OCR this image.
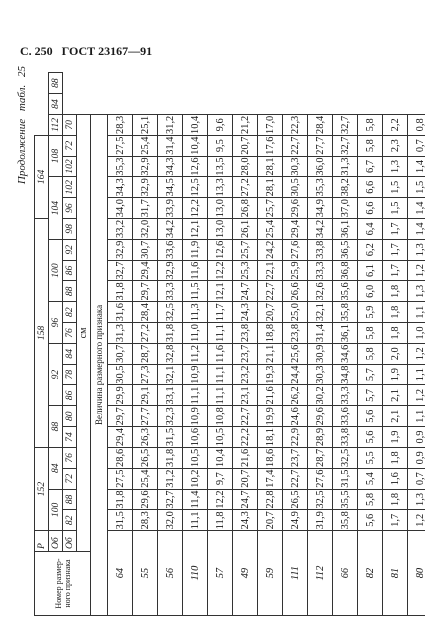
С. 250 ГОСТ 23167—91
Продолжение табл. 25
Номер размер-ного признака																							
	Р	152				158											164						
	Об	100		84		88		92			96		100			104			108		112	84	88
	Об	82	88	72	76	74	80	86	78	84	76	82	88	86	92	98	96	102	102	72	70		
	см																						
Величина размерного признака																							
64		31,5	31,8	27,5	28,6	29,4	29,7	29,9	30,5	30,7	31,3	31,6	31,8	32,7	32,9	33,2	34,0	34,3	35,3	27,5	28,3		
55		28,3	29,6	25,4	26,5	26,3	27,7	29,1	27,3	28,7	27,2	28,4	29,7	29,4	30,7	32,0	31,7	32,9	32,9	25,4	25,1		
56		32,0	32,7	31,2	31,8	31,5	32,3	33,1	32,1	32,8	31,8	32,5	33,3	32,9	33,6	34,2	33,9	34,5	34,3	31,4	31,2		
110		11,1	11,4	10,2	10,5	10,6	10,9	11,1	10,9	11,2	11,0	11,3	11,5	11,6	11,9	12,1	12,2	12,5	12,6	10,4	10,4		
57		11,8	12,2	9,7	10,4	10,5	10,8	11,1	11,1	11,6	11,1	11,7	12,1	12,2	12,6	13,0	13,0	13,3	13,5	9,5	9,6		
49		24,3	24,7	20,7	21,6	22,2	22,7	23,1	23,2	23,7	23,8	24,3	24,7	25,3	25,7	26,1	26,8	27,2	28,0	20,7	21,2		
59		20,7	22,8	17,4	18,6	18,1	19,9	21,6	19,3	21,1	18,8	20,7	22,7	22,1	24,2	25,4	25,7	28,1	28,1	17,6	17,0		
111		24,9	26,5	22,7	23,7	22,9	24,6	26,2	24,4	25,6	23,8	25,0	26,6	25,9	27,6	29,4	29,6	30,5	30,3	22,7	22,3		
112		31,9	32,5	27,6	28,7	28,9	29,6	30,2	30,3	30,9	31,4	32,1	32,6	33,3	33,8	34,2	34,9	35,3	36,0	27,7	28,4		
66		35,8	35,5	31,5	32,5	33,8	33,6	33,3	34,8	34,6	36,1	35,8	35,6	36,8	36,5	36,1	37,0	38,2	31,3	32,7	32,7		
82		5,6	5,8	5,4	5,5	5,6	5,6	5,7	5,7	5,8	5,8	5,9	6,0	6,1	6,2	6,4	6,6	6,6	6,7	5,8	5,8		
81		1,7	1,8	1,6	1,8	1,9	2,1	2,1	1,9	2,0	1,8	1,8	1,8	1,7	1,7	1,7	1,5	1,5	1,3	2,3	2,2		
80		1,2	1,3	0,7	0,9	0,9	1,1	1,2	1,1	1,2	1,0	1,1	1,3	1,2	1,3	1,4	1,4	1,5	1,4	0,7	0,8		
